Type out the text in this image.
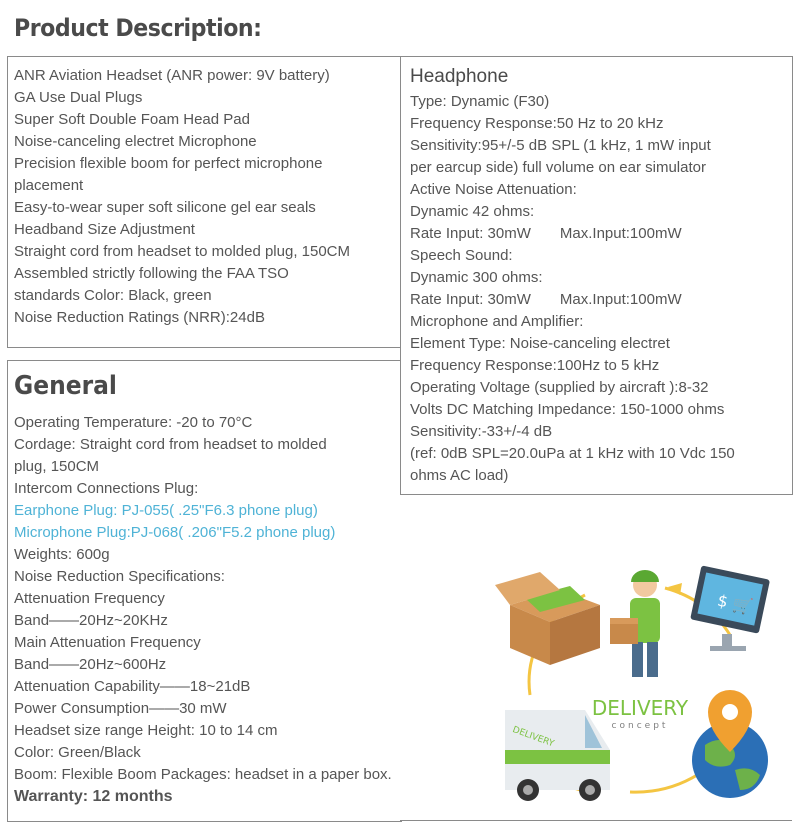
Product Description:
ANR Aviation Headset (ANR power: 9V battery)
GA Use Dual Plugs
Super Soft Double Foam Head Pad
Noise-canceling electret Microphone
Precision flexible boom for perfect microphone
placement
Easy-to-wear super soft silicone gel ear seals
Headband Size Adjustment
Straight cord from headset to molded plug, 150CM
Assembled strictly following the FAA TSO
standards Color: Black, green
Noise Reduction Ratings (NRR):24dB
General
Operating Temperature: -20 to 70°C
Cordage: Straight cord from headset to molded
plug, 150CM
Intercom Connections Plug:
Earphone Plug: PJ-055( .25"F6.3 phone plug)
Microphone Plug:PJ-068( .206"F5.2 phone plug)
Weights: 600g
Noise Reduction Specifications:
Attenuation Frequency
Band——20Hz~20KHz
Main Attenuation Frequency
Band——20Hz~600Hz
Attenuation Capability——18~21dB
Power Consumption——30 mW
Headset size range Height: 10 to 14 cm
Color: Green/Black
Boom: Flexible Boom Packages: headset in a paper box.
Warranty: 12 months
Headphone
Type: Dynamic (F30)
Frequency Response:50 Hz to 20 kHz
Sensitivity:95+/-5 dB SPL (1 kHz, 1 mW input
per earcup side) full volume on ear simulator
Active Noise Attenuation:
Dynamic 42 ohms:
Rate Input: 30mW Max.Input:100mW
Speech Sound:
Dynamic 300 ohms:
Rate Input: 30mW Max.Input:100mW
Microphone and Amplifier:
Element Type: Noise-canceling electret
Frequency Response:100Hz to 5 kHz
Operating Voltage (supplied by aircraft ):8-32
Volts DC Matching Impedance: 150-1000 ohms
Sensitivity:-33+/-4 dB
(ref: 0dB SPL=20.0uPa at 1 kHz with 10 Vdc 150
ohms AC load)
$ 🛒
DELIVERY
concept
DELIVERY
